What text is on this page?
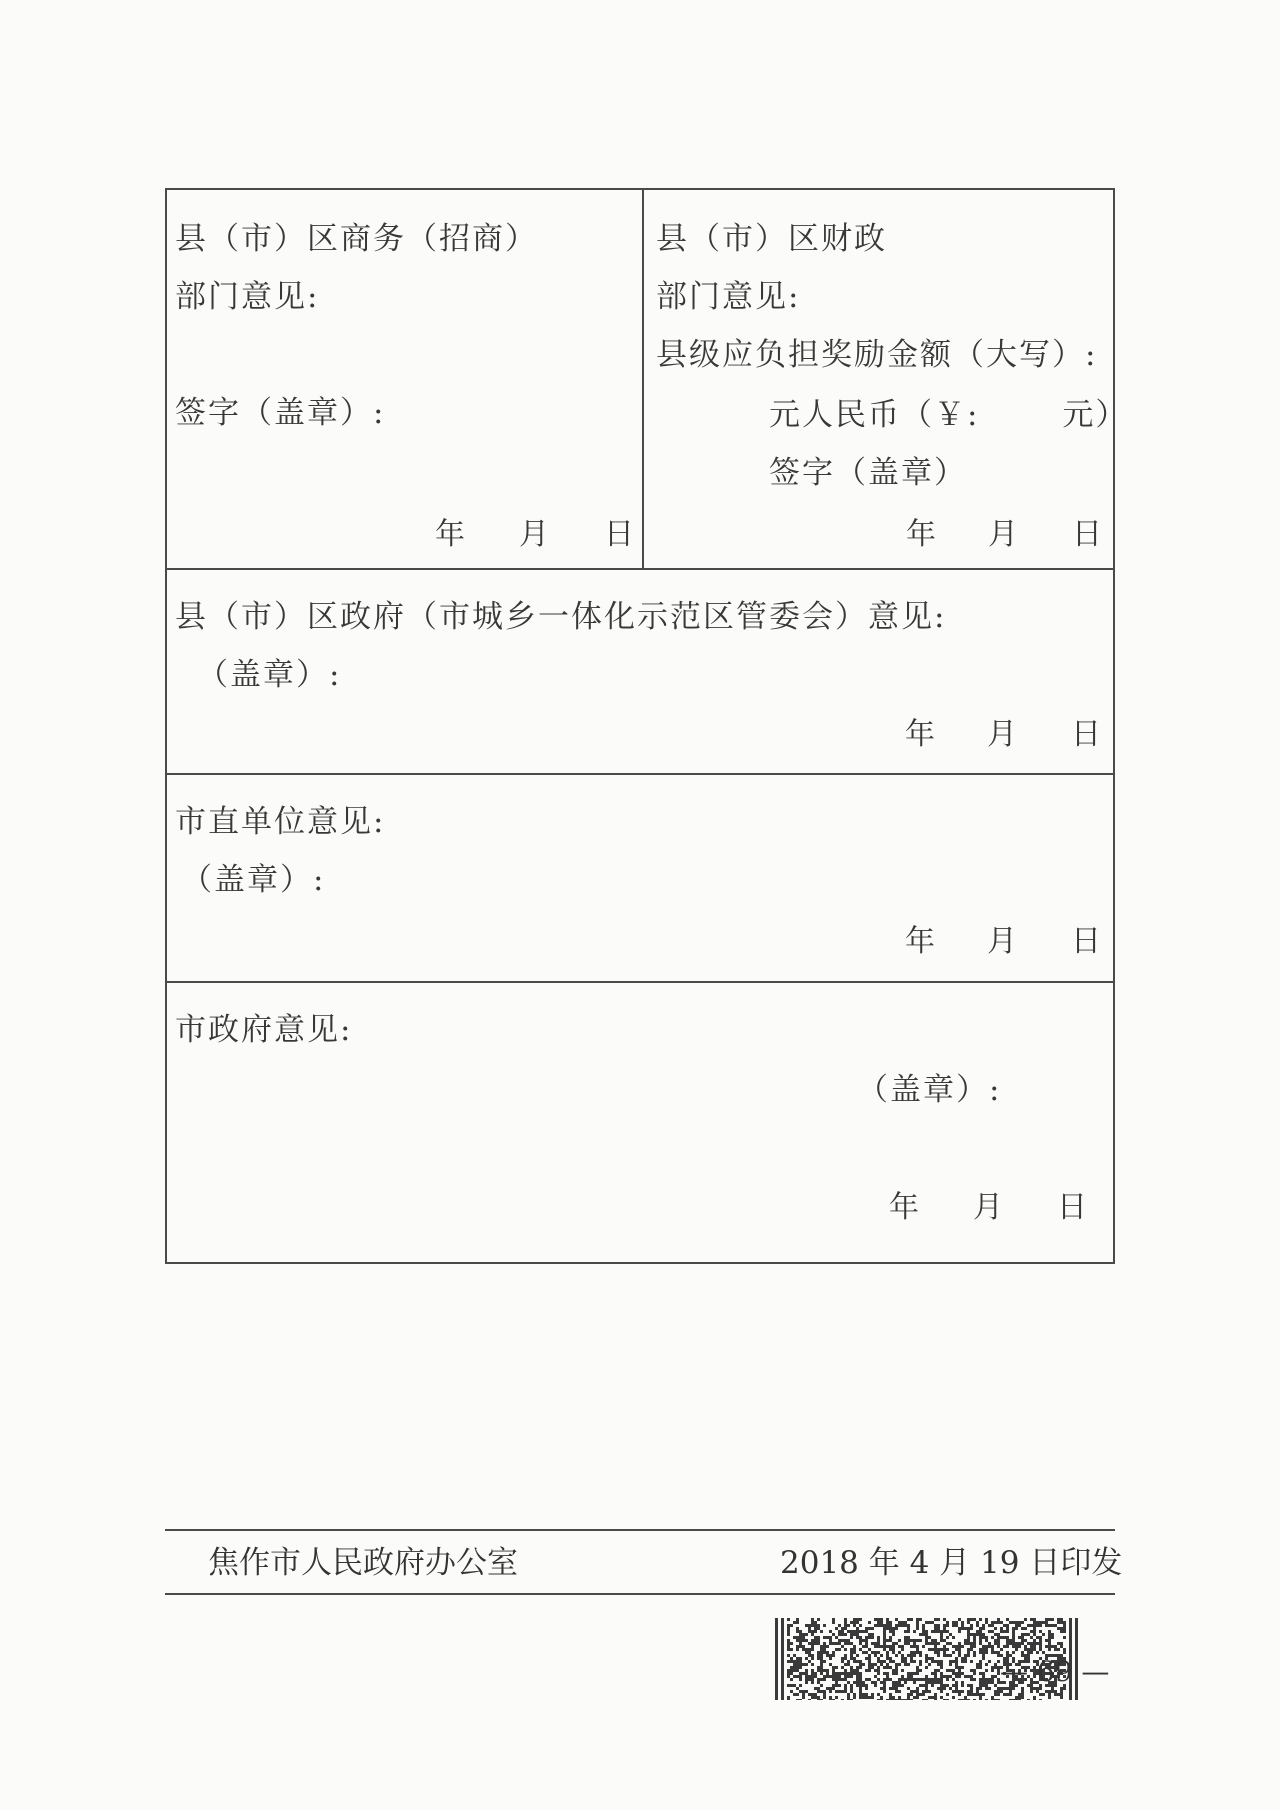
县（市）区商务（招商）
部门意见:
签字（盖章）:
年 月 日
县（市）区财政
部门意见:
县级应负担奖励金额（大写）:
元人民币（￥:       元）
签字（盖章）
年 月 日
县（市）区政府（市城乡一体化示范区管委会）意见:
（盖章）:
年 月 日
市直单位意见:
（盖章）:
年 月 日
市政府意见:
（盖章）:
年 月 日
焦作市人民政府办公室	2018 年 4 月 19 日印发
— 69 —
